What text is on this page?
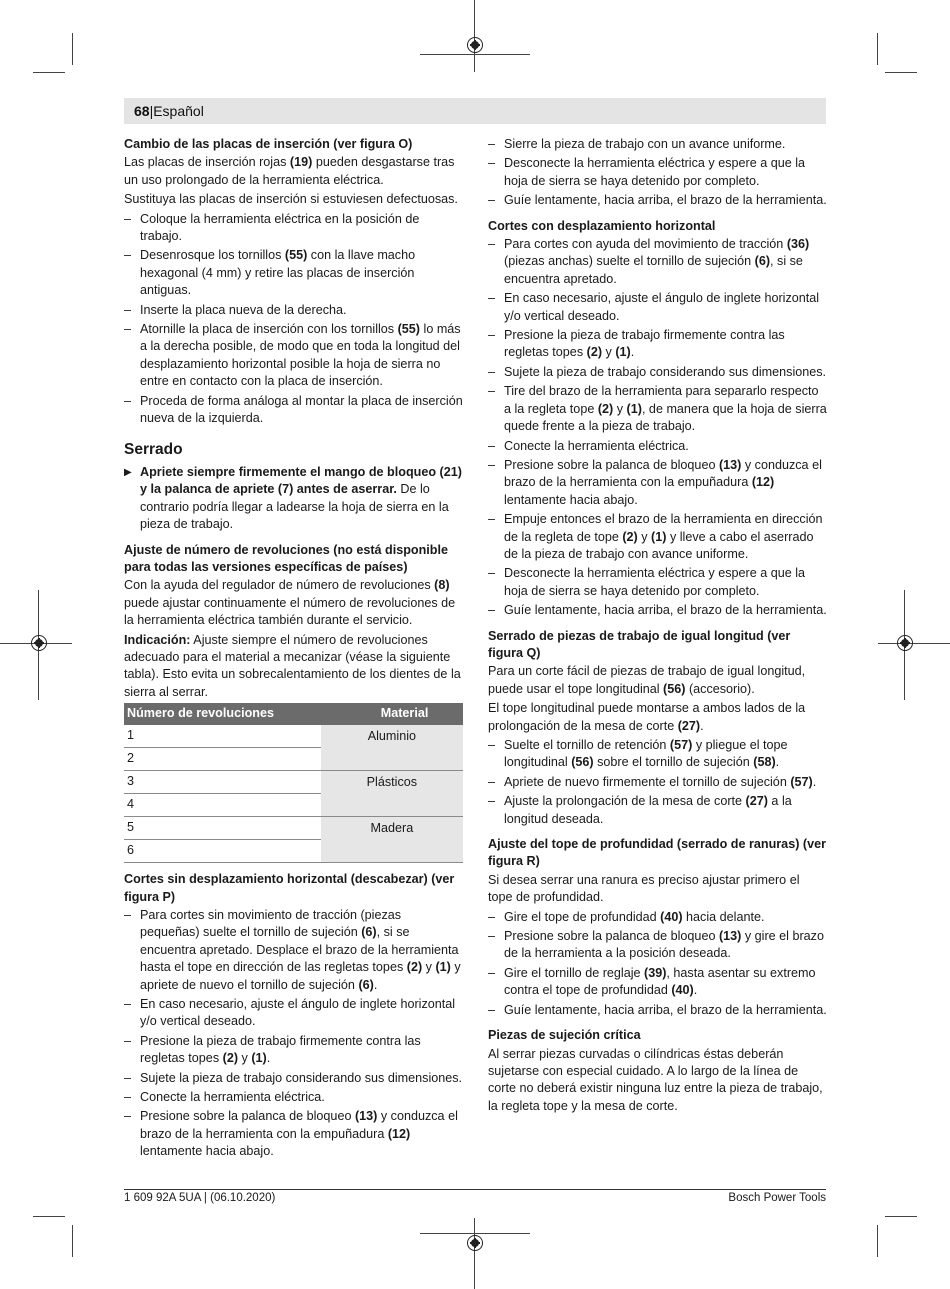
68|Español
Cambio de las placas de inserción (ver figura O)

Las placas de inserción rojas (19) pueden desgastarse tras un uso prolongado de la herramienta eléctrica.

Sustituya las placas de inserción si estuviesen defectuosas.

– Coloque la herramienta eléctrica en la posición de trabajo.
– Desenrosque los tornillos (55) con la llave macho hexagonal (4 mm) y retire las placas de inserción antiguas.
– Inserte la placa nueva de la derecha.
– Atornille la placa de inserción con los tornillos (55) lo más a la derecha posible, de modo que en toda la longitud del desplazamiento horizontal posible la hoja de sierra no entre en contacto con la placa de inserción.
– Proceda de forma análoga al montar la placa de inserción nueva de la izquierda.
Serrado
▶ Apriete siempre firmemente el mango de bloqueo (21) y la palanca de apriete (7) antes de aserrar. De lo contrario podría llegar a ladearse la hoja de sierra en la pieza de trabajo.
Ajuste de número de revoluciones (no está disponible para todas las versiones específicas de países)

Con la ayuda del regulador de número de revoluciones (8) puede ajustar continuamente el número de revoluciones de la herramienta eléctrica también durante el servicio.

Indicación: Ajuste siempre el número de revoluciones adecuado para el material a mecanizar (véase la siguiente tabla). Esto evita un sobrecalentamiento de los dientes de la sierra al serrar.

Número de revoluciones	Material
1	Aluminio
2	
3	Plásticos
4	
5	Madera
6	
Cortes sin desplazamiento horizontal (descabezar) (ver figura P)
– Para cortes sin movimiento de tracción (piezas pequeñas) suelte el tornillo de sujeción (6), si se encuentra apretado. Desplace el brazo de la herramienta hasta el tope en dirección de las regletas topes (2) y (1) y apriete de nuevo el tornillo de sujeción (6).
– En caso necesario, ajuste el ángulo de inglete horizontal y/o vertical deseado.
– Presione la pieza de trabajo firmemente contra las regletas topes (2) y (1).
– Sujete la pieza de trabajo considerando sus dimensiones.
– Conecte la herramienta eléctrica.
– Presione sobre la palanca de bloqueo (13) y conduzca el brazo de la herramienta con la empuñadura (12) lentamente hacia abajo.
– Sierre la pieza de trabajo con un avance uniforme.
– Desconecte la herramienta eléctrica y espere a que la hoja de sierra se haya detenido por completo.
– Guíe lentamente, hacia arriba, el brazo de la herramienta.
Cortes con desplazamiento horizontal
– Para cortes con ayuda del movimiento de tracción (36) (piezas anchas) suelte el tornillo de sujeción (6), si se encuentra apretado.
– En caso necesario, ajuste el ángulo de inglete horizontal y/o vertical deseado.
– Presione la pieza de trabajo firmemente contra las regletas topes (2) y (1).
– Sujete la pieza de trabajo considerando sus dimensiones.
– Tire del brazo de la herramienta para separarlo respecto a la regleta tope (2) y (1), de manera que la hoja de sierra quede frente a la pieza de trabajo.
– Conecte la herramienta eléctrica.
– Presione sobre la palanca de bloqueo (13) y conduzca el brazo de la herramienta con la empuñadura (12) lentamente hacia abajo.
– Empuje entonces el brazo de la herramienta en dirección de la regleta de tope (2) y (1) y lleve a cabo el aserrado de la pieza de trabajo con avance uniforme.
– Desconecte la herramienta eléctrica y espere a que la hoja de sierra se haya detenido por completo.
– Guíe lentamente, hacia arriba, el brazo de la herramienta.
Serrado de piezas de trabajo de igual longitud (ver figura Q)

Para un corte fácil de piezas de trabajo de igual longitud, puede usar el tope longitudinal (56) (accesorio).

El tope longitudinal puede montarse a ambos lados de la prolongación de la mesa de corte (27).

– Suelte el tornillo de retención (57) y pliegue el tope longitudinal (56) sobre el tornillo de sujeción (58).
– Apriete de nuevo firmemente el tornillo de sujeción (57).
– Ajuste la prolongación de la mesa de corte (27) a la longitud deseada.
Ajuste del tope de profundidad (serrado de ranuras) (ver figura R)

Si desea serrar una ranura es preciso ajustar primero el tope de profundidad.

– Gire el tope de profundidad (40) hacia delante.
– Presione sobre la palanca de bloqueo (13) y gire el brazo de la herramienta a la posición deseada.
– Gire el tornillo de reglaje (39), hasta asentar su extremo contra el tope de profundidad (40).
– Guíe lentamente, hacia arriba, el brazo de la herramienta.
Piezas de sujeción crítica

Al serrar piezas curvadas o cilíndricas éstas deberán sujetarse con especial cuidado. A lo largo de la línea de corte no deberá existir ninguna luz entre la pieza de trabajo, la regleta tope y la mesa de corte.

1 609 92A 5UA | (06.10.2020)	Bosch Power Tools
